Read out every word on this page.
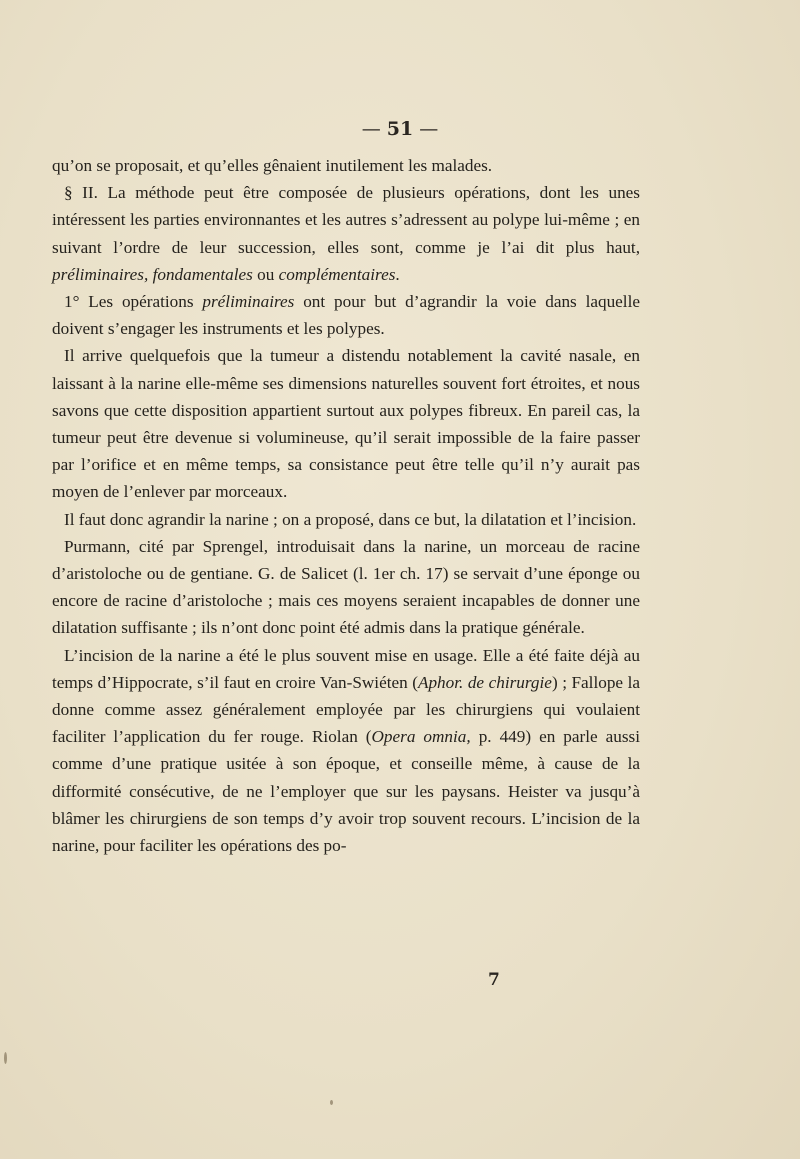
— 51 —

qu’on se proposait, et qu’elles gênaient inutilement les malades.

§ II. La méthode peut être composée de plusieurs opérations, dont les unes intéressent les parties environnantes et les autres s’adressent au polype lui-même ; en suivant l’ordre de leur succession, elles sont, comme je l’ai dit plus haut, préliminaires, fondamentales ou complémentaires.

1° Les opérations préliminaires ont pour but d’agrandir la voie dans laquelle doivent s’engager les instruments et les polypes.

Il arrive quelquefois que la tumeur a distendu notablement la cavité nasale, en laissant à la narine elle-même ses dimensions naturelles souvent fort étroites, et nous savons que cette disposition appartient surtout aux polypes fibreux. En pareil cas, la tumeur peut être devenue si volumineuse, qu’il serait impossible de la faire passer par l’orifice et en même temps, sa consistance peut être telle qu’il n’y aurait pas moyen de l’enlever par morceaux.

Il faut donc agrandir la narine ; on a proposé, dans ce but, la dilatation et l’incision.

Purmann, cité par Sprengel, introduisait dans la narine, un morceau de racine d’aristoloche ou de gentiane. G. de Salicet (l. 1er ch. 17) se servait d’une éponge ou encore de racine d’aristoloche ; mais ces moyens seraient incapables de donner une dilatation suffisante ; ils n’ont donc point été admis dans la pratique générale.

L’incision de la narine a été le plus souvent mise en usage. Elle a été faite déjà au temps d’Hippocrate, s’il faut en croire Van-Swiéten (Aphor. de chirurgie) ; Fallope la donne comme assez généralement employée par les chirurgiens qui voulaient faciliter l’application du fer rouge. Riolan (Opera omnia, p. 449) en parle aussi comme d’une pratique usitée à son époque, et conseille même, à cause de la difformité consécutive, de ne l’employer que sur les paysans. Heister va jusqu’à blâmer les chirurgiens de son temps d’y avoir trop souvent recours. L’incision de la narine, pour faciliter les opérations des po-

7
